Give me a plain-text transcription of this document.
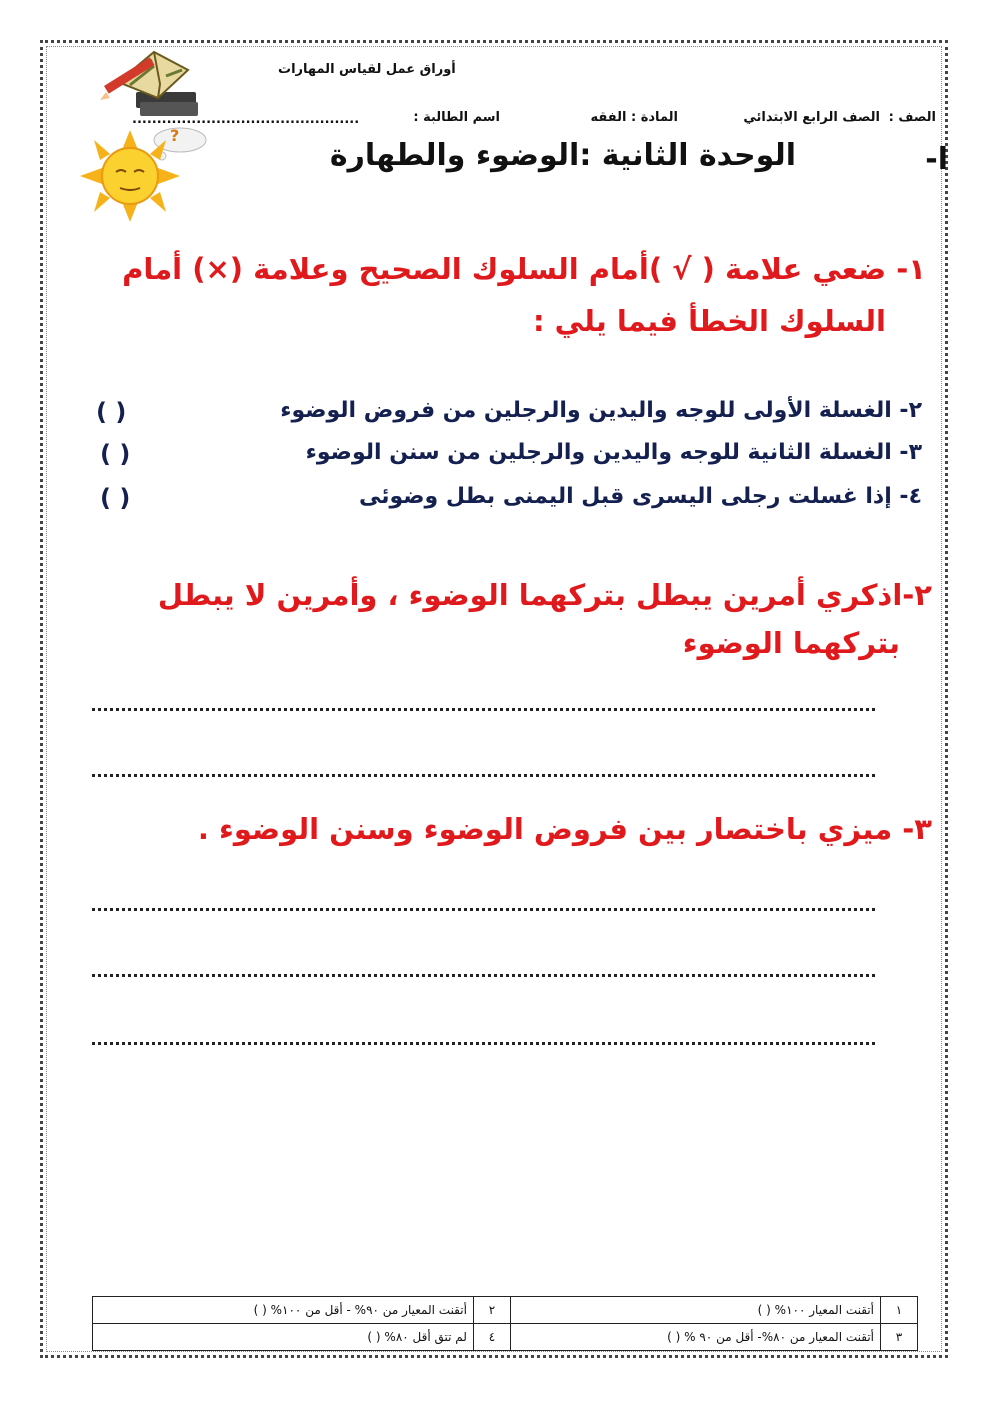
أوراق عمل لقياس المهارات
الصف :
الصف الرابع الابتدائي
المادة : الفقه
اسم الطالبة :
..............................................
?
ا-
الوحدة الثانية :الوضوء والطهارة
١- ضعي علامة ( √ )أمام السلوك الصحيح وعلامة (×) أمام
السلوك الخطأ فيما يلي :
٢- الغسلة الأولى للوجه واليدين والرجلين من فروض الوضوء
( )
٣- الغسلة الثانية للوجه واليدين والرجلين من سنن الوضوء
( )
٤- إذا غسلت رجلى اليسرى قبل اليمنى بطل وضوئى
( )
٢-اذكري أمرين يبطل بتركهما الوضوء ، وأمرين لا يبطل
بتركهما الوضوء
٣- ميزي باختصار بين فروض الوضوء وسنن الوضوء .
١	أتقنت المعيار ١٠٠% ( )	٢	أتقنت المعيار من ٩٠% - أقل من ١٠٠% ( )
٣	أتقنت المعيار من ٨٠%- أقل من ٩٠ % ( )	٤	لم تتق أقل ٨٠% ( )
